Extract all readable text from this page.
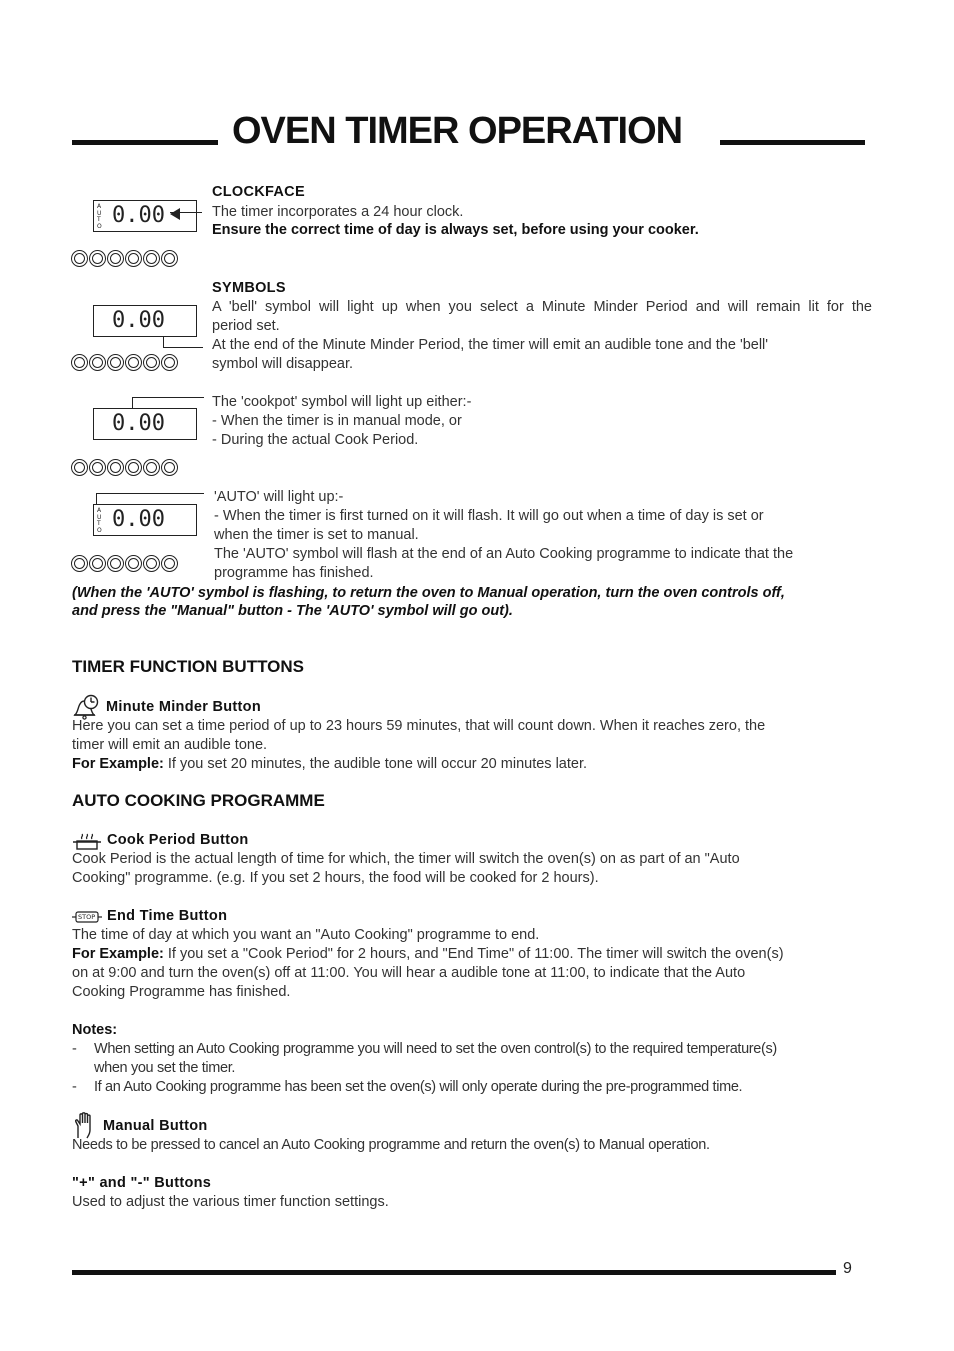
OVEN TIMER OPERATION
A
U
T
O 0.00
CLOCKFACE
The timer incorporates a 24 hour clock.
Ensure the correct time of day is always set, before using your cooker.
0.00
SYMBOLS
A 'bell' symbol will light up when you select a Minute Minder Period and will remain lit for the
period set.
At the end of the Minute Minder Period, the timer will emit an audible tone and the 'bell'
symbol will disappear.
0.00
The 'cookpot' symbol will light up either:-
- When the timer is in manual mode, or
- During the actual Cook Period.
A
U
T
O 0.00
'AUTO' will light up:-
- When the timer is first turned on it will flash. It will go out when a time of day is set or
when the timer is set to manual.
The 'AUTO' symbol will flash at the end of an Auto Cooking programme to indicate that the
programme has finished.
(When the 'AUTO' symbol is flashing, to return the oven to Manual operation, turn the oven controls off,
and press the "Manual" button - The 'AUTO' symbol will go out).
TIMER FUNCTION BUTTONS
Minute Minder Button
Here you can set a time period of up to 23 hours 59 minutes, that will count down. When it reaches zero, the
timer will emit an audible tone.
For Example: If you set 20 minutes, the audible tone will occur 20 minutes later.
AUTO COOKING PROGRAMME
Cook Period Button
Cook Period is the actual length of time for which, the timer will switch the oven(s) on as part of an "Auto
Cooking" programme. (e.g. If you set 2 hours, the food will be cooked for 2 hours).
STOP End Time Button
The time of day at which you want an "Auto Cooking" programme to end.
For Example: If you set a "Cook Period" for 2 hours, and "End Time" of 11:00. The timer will switch the oven(s)
on at 9:00 and turn the oven(s) off at 11:00. You will hear a audible tone at 11:00, to indicate that the Auto
Cooking Programme has finished.
Notes:
-	When setting an Auto Cooking programme you will need to set the oven control(s) to the required temperature(s)
when you set the timer.
-	If an Auto Cooking programme has been set the oven(s) will only operate during the pre-programmed time.
Manual Button
Needs to be pressed to cancel an Auto Cooking programme and return the oven(s) to Manual operation.
"+" and "-" Buttons
Used to adjust the various timer function settings.
9
